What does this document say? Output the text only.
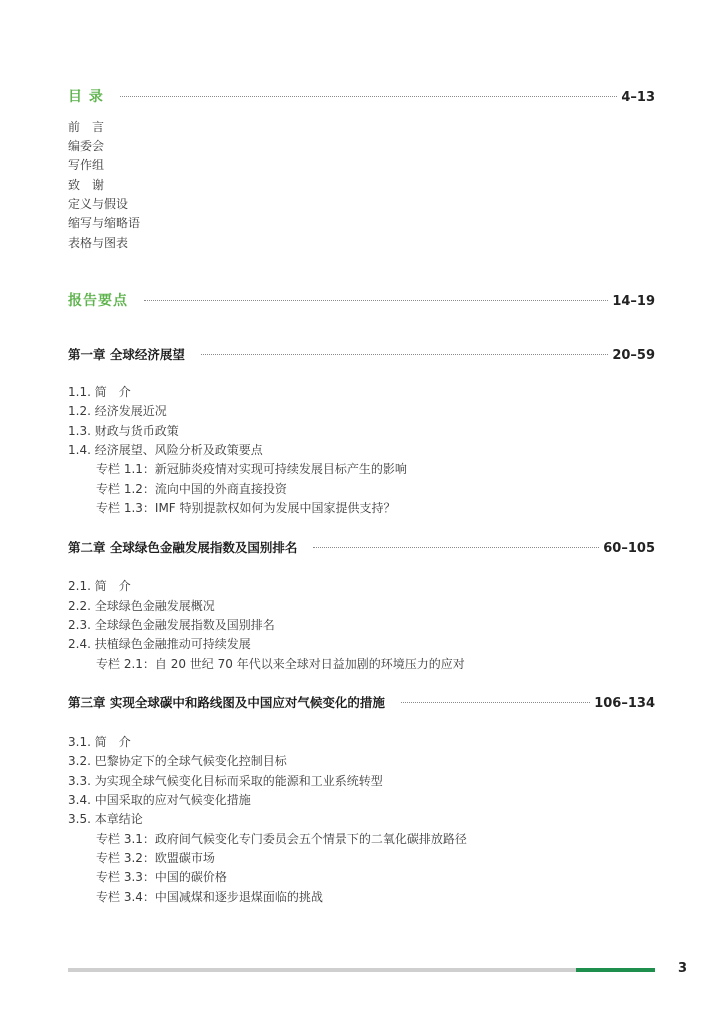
目 录	4–13
前　言
编委会
写作组
致　谢
定义与假设
缩写与缩略语
表格与图表
报告要点	14–19
第一章 全球经济展望	20–59
1.1. 简　介
1.2. 经济发展近况
1.3. 财政与货币政策
1.4. 经济展望、风险分析及政策要点
专栏 1.1：新冠肺炎疫情对实现可持续发展目标产生的影响
专栏 1.2：流向中国的外商直接投资
专栏 1.3：IMF 特别提款权如何为发展中国家提供支持？
第二章 全球绿色金融发展指数及国别排名	60–105
2.1. 简　介
2.2. 全球绿色金融发展概况
2.3. 全球绿色金融发展指数及国别排名
2.4. 扶植绿色金融推动可持续发展
专栏 2.1：自 20 世纪 70 年代以来全球对日益加剧的环境压力的应对
第三章 实现全球碳中和路线图及中国应对气候变化的措施	106–134
3.1. 简　介
3.2. 巴黎协定下的全球气候变化控制目标
3.3. 为实现全球气候变化目标而采取的能源和工业系统转型
3.4. 中国采取的应对气候变化措施
3.5. 本章结论
专栏 3.1：政府间气候变化专门委员会五个情景下的二氧化碳排放路径
专栏 3.2：欧盟碳市场
专栏 3.3：中国的碳价格
专栏 3.4：中国减煤和逐步退煤面临的挑战
3
